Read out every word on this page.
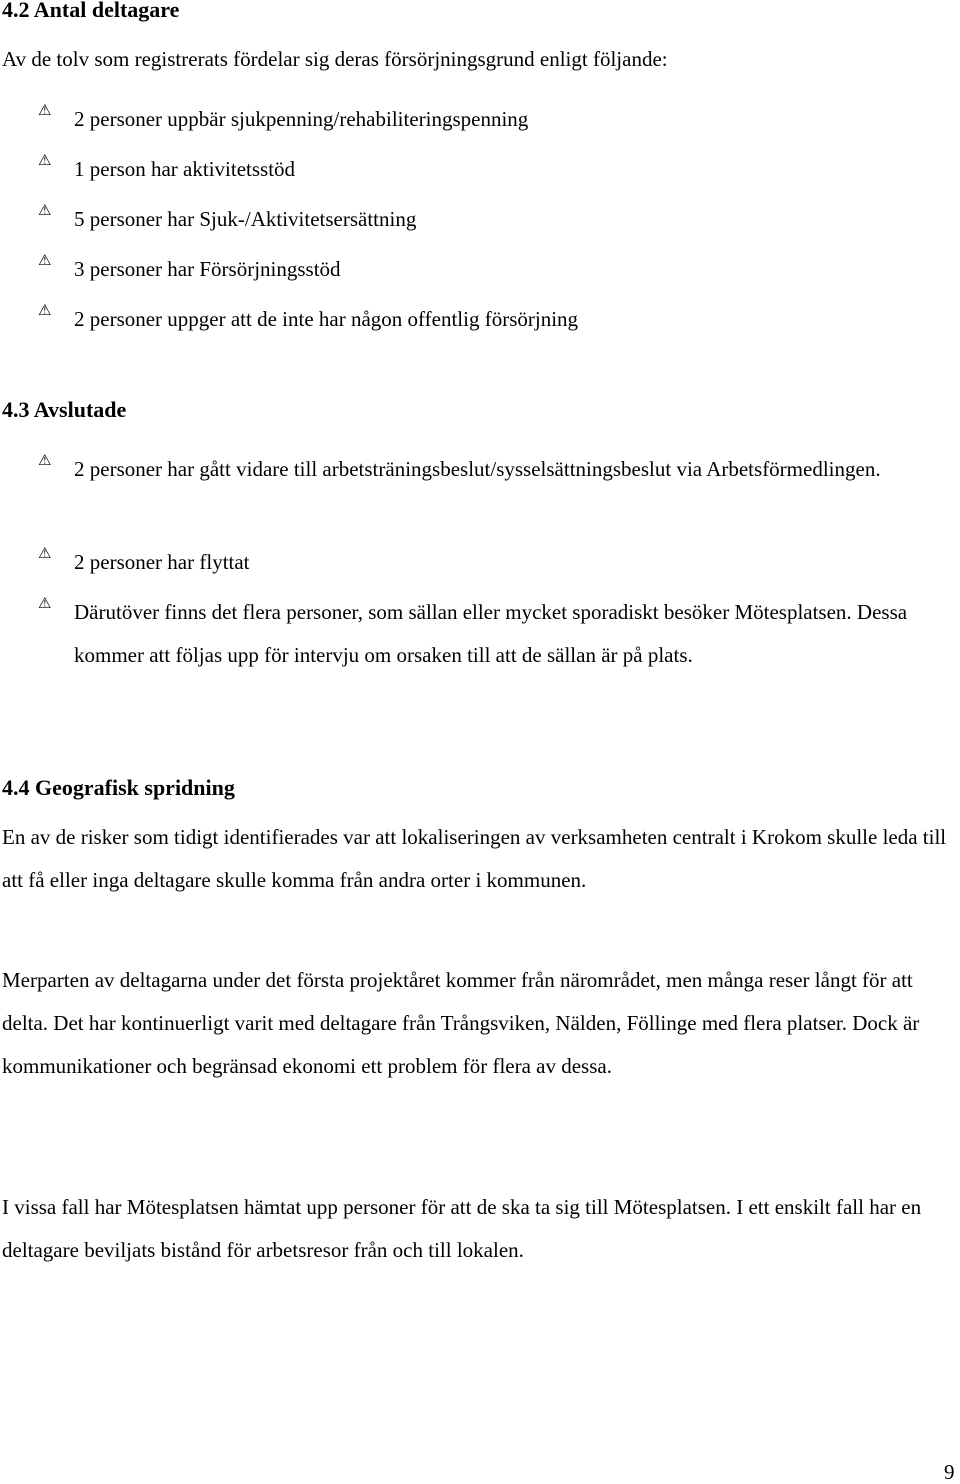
4.2 Antal deltagare

Av de tolv som registrerats fördelar sig deras försörjningsgrund enligt följande:

⚠ 2 personer uppbär sjukpenning/rehabiliteringspenning

⚠ 1 person har aktivitetsstöd

⚠ 5 personer har Sjuk-/Aktivitetsersättning

⚠ 3 personer har Försörjningsstöd

⚠ 2 personer uppger att de inte har någon offentlig försörjning

4.3 Avslutade
⚠ 2 personer har gått vidare till arbetsträningsbeslut/sysselsättningsbeslut via Arbetsförmedlingen.

⚠ 2 personer har flyttat

⚠ Därutöver finns det flera personer, som sällan eller mycket sporadiskt besöker Mötesplatsen. Dessa kommer att följas upp för intervju om orsaken till att de sällan är på plats.

4.4 Geografisk spridning

En av de risker som tidigt identifierades var att lokaliseringen av verksamheten centralt i Krokom skulle leda till att få eller inga deltagare skulle komma från andra orter i kommunen.

Merparten av deltagarna under det första projektåret kommer från närområdet, men många reser långt för att delta. Det har kontinuerligt varit med deltagare från Trångsviken, Nälden, Föllinge med flera platser. Dock är kommunikationer och begränsad ekonomi ett problem för flera av dessa.

I vissa fall har Mötesplatsen hämtat upp personer för att de ska ta sig till Mötesplatsen. I ett enskilt fall har en deltagare beviljats bistånd för arbetsresor från och till lokalen.

9
